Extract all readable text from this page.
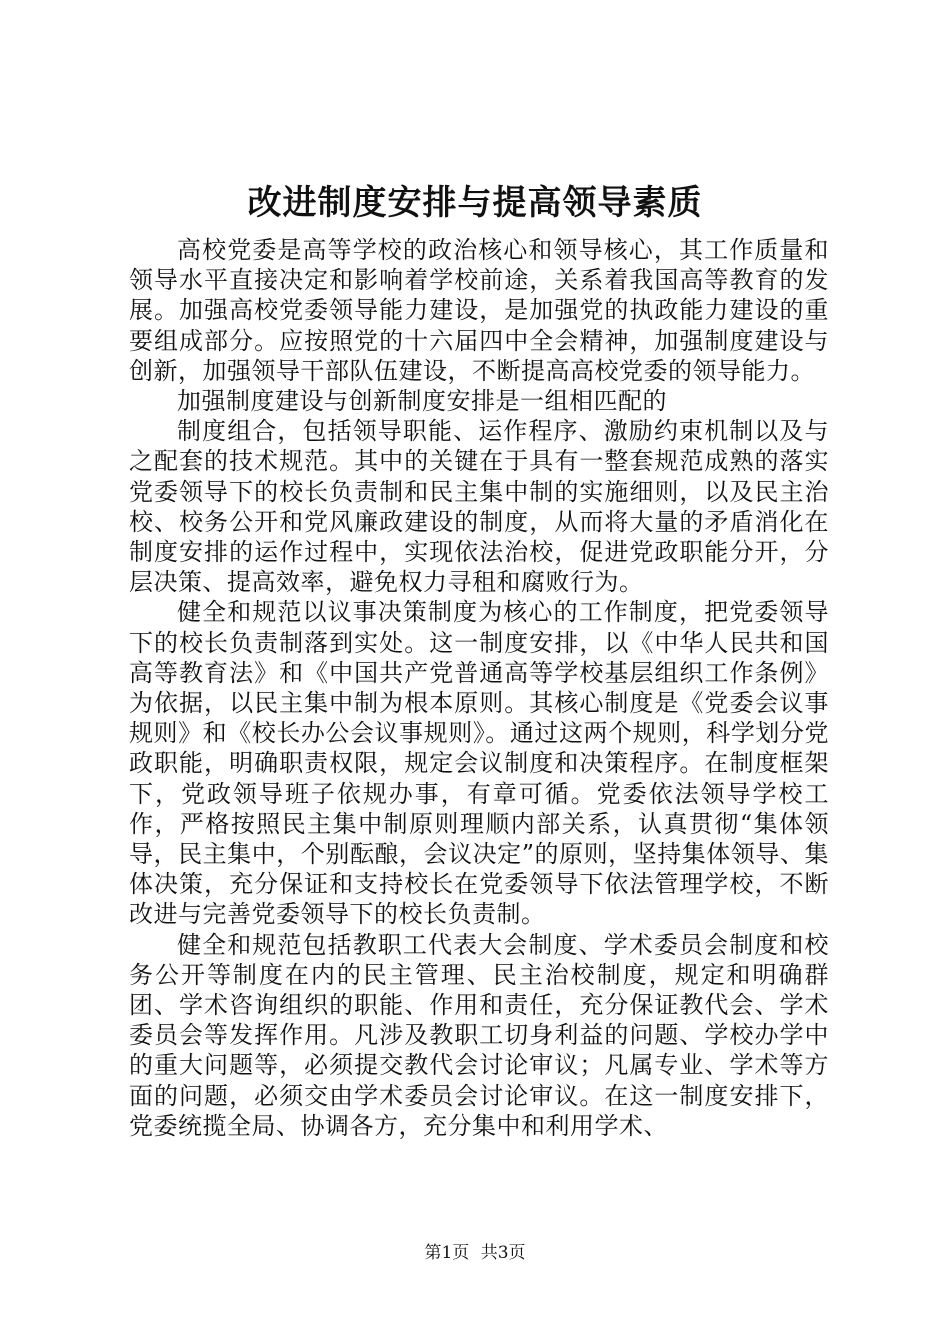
改进制度安排与提高领导素质

高校党委是高等学校的政治核心和领导核心，其工作质量和领导水平直接决定和影响着学校前途，关系着我国高等教育的发展。加强高校党委领导能力建设，是加强党的执政能力建设的重要组成部分。应按照党的十六届四中全会精神，加强制度建设与创新，加强领导干部队伍建设，不断提高高校党委的领导能力。

加强制度建设与创新制度安排是一组相匹配的

制度组合，包括领导职能、运作程序、激励约束机制以及与之配套的技术规范。其中的关键在于具有一整套规范成熟的落实党委领导下的校长负责制和民主集中制的实施细则，以及民主治校、校务公开和党风廉政建设的制度，从而将大量的矛盾消化在制度安排的运作过程中，实现依法治校，促进党政职能分开，分层决策、提高效率，避免权力寻租和腐败行为。

健全和规范以议事决策制度为核心的工作制度，把党委领导下的校长负责制落到实处。这一制度安排，以《中华人民共和国高等教育法》和《中国共产党普通高等学校基层组织工作条例》为依据，以民主集中制为根本原则。其核心制度是《党委会议事规则》和《校长办公会议事规则》。通过这两个规则，科学划分党政职能，明确职责权限，规定会议制度和决策程序。在制度框架下，党政领导班子依规办事，有章可循。党委依法领导学校工作，严格按照民主集中制原则理顺内部关系，认真贯彻“集体领导，民主集中，个别酝酿，会议决定”的原则，坚持集体领导、集体决策，充分保证和支持校长在党委领导下依法管理学校，不断改进与完善党委领导下的校长负责制。

健全和规范包括教职工代表大会制度、学术委员会制度和校务公开等制度在内的民主管理、民主治校制度，规定和明确群团、学术咨询组织的职能、作用和责任，充分保证教代会、学术委员会等发挥作用。凡涉及教职工切身利益的问题、学校办学中的重大问题等，必须提交教代会讨论审议；凡属专业、学术等方面的问题，必须交由学术委员会讨论审议。在这一制度安排下，党委统揽全局、协调各方，充分集中和利用学术、

第1页 共3页
